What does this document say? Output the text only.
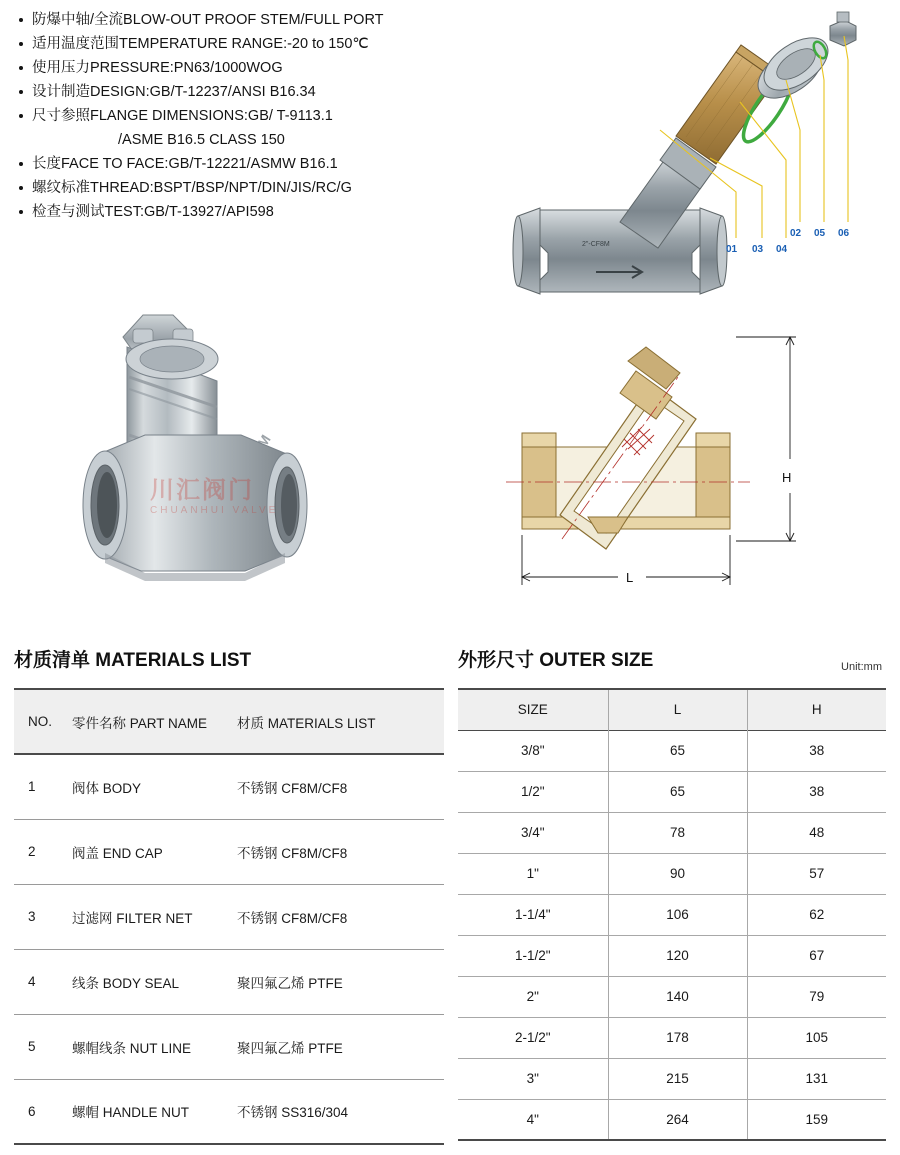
防爆中轴/全流BLOW-OUT PROOF STEM/FULL PORT
适用温度范围TEMPERATURE RANGE:-20 to 150℃
使用压力PRESSURE:PN63/1000WOG
设计制造DESIGN:GB/T-12237/ANSI B16.34
尺寸参照FLANGE DIMENSIONS:GB/ T-9113.1
/ASME B16.5 CLASS 150
长度FACE TO FACE:GB/T-12221/ASMW B16.1
螺纹标准THREAD:BSPT/BSP/NPT/DIN/JIS/RC/G
检查与测试TEST:GB/T-13927/API598
2"-CF8M	01 03 04
02 05 06
川汇阀门
CHUANHUI VALVE
H
L
材质清单 MATERIALS LIST
NO.	零件名称 PART NAME	材质 MATERIALS LIST
1	阀体 BODY	不锈钢 CF8M/CF8
2	阀盖 END CAP	不锈钢 CF8M/CF8
3	过滤网 FILTER NET	不锈钢 CF8M/CF8
4	线条 BODY SEAL	聚四氟乙烯 PTFE
5	螺帽线条 NUT LINE	聚四氟乙烯 PTFE
6	螺帽 HANDLE NUT	不锈钢 SS316/304
外形尺寸 OUTER SIZE	Unit:mm
SIZE	L	H
3/8"	65	38
1/2"	65	38
3/4"	78	48
1"	90	57
1-1/4"	106	62
1-1/2"	120	67
2"	140	79
2-1/2"	178	105
3"	215	131
4"	264	159
